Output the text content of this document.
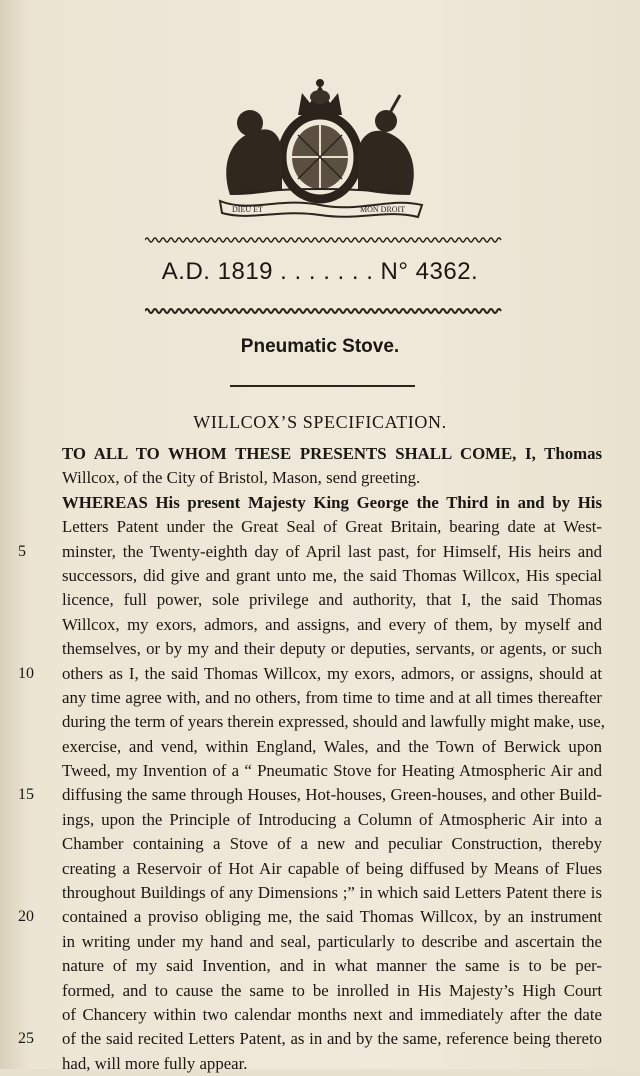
DIEU ET	MON DROIT
A.D. 1819 . . . . . . . N° 4362.
Pneumatic Stove.
WILLCOX’S SPECIFICATION.
TO ALL TO WHOM THESE PRESENTS SHALL COME, I, Thomas
Willcox, of the City of Bristol, Mason, send greeting.
WHEREAS His present Majesty King George the Third in and by His
Letters Patent under the Great Seal of Great Britain, bearing date at West-
5	minster, the Twenty-eighth day of April last past, for Himself, His heirs and
successors, did give and grant unto me, the said Thomas Willcox, His special
licence, full power, sole privilege and authority, that I, the said Thomas
Willcox, my exors, admors, and assigns, and every of them, by myself and
themselves, or by my and their deputy or deputies, servants, or agents, or such
10	others as I, the said Thomas Willcox, my exors, admors, or assigns, should at
any time agree with, and no others, from time to time and at all times thereafter
during the term of years therein expressed, should and lawfully might make, use,
exercise, and vend, within England, Wales, and the Town of Berwick upon
Tweed, my Invention of a “ Pneumatic Stove for Heating Atmospheric Air and
15	diffusing the same through Houses, Hot-houses, Green-houses, and other Build-
ings, upon the Principle of Introducing a Column of Atmospheric Air into a
Chamber containing a Stove of a new and peculiar Construction, thereby
creating a Reservoir of Hot Air capable of being diffused by Means of Flues
throughout Buildings of any Dimensions ;” in which said Letters Patent there is
20	contained a proviso obliging me, the said Thomas Willcox, by an instrument
in writing under my hand and seal, particularly to describe and ascertain the
nature of my said Invention, and in what manner the same is to be per-
formed, and to cause the same to be inrolled in His Majesty’s High Court
of Chancery within two calendar months next and immediately after the date
25	of the said recited Letters Patent, as in and by the same, reference being thereto
had, will more fully appear.
